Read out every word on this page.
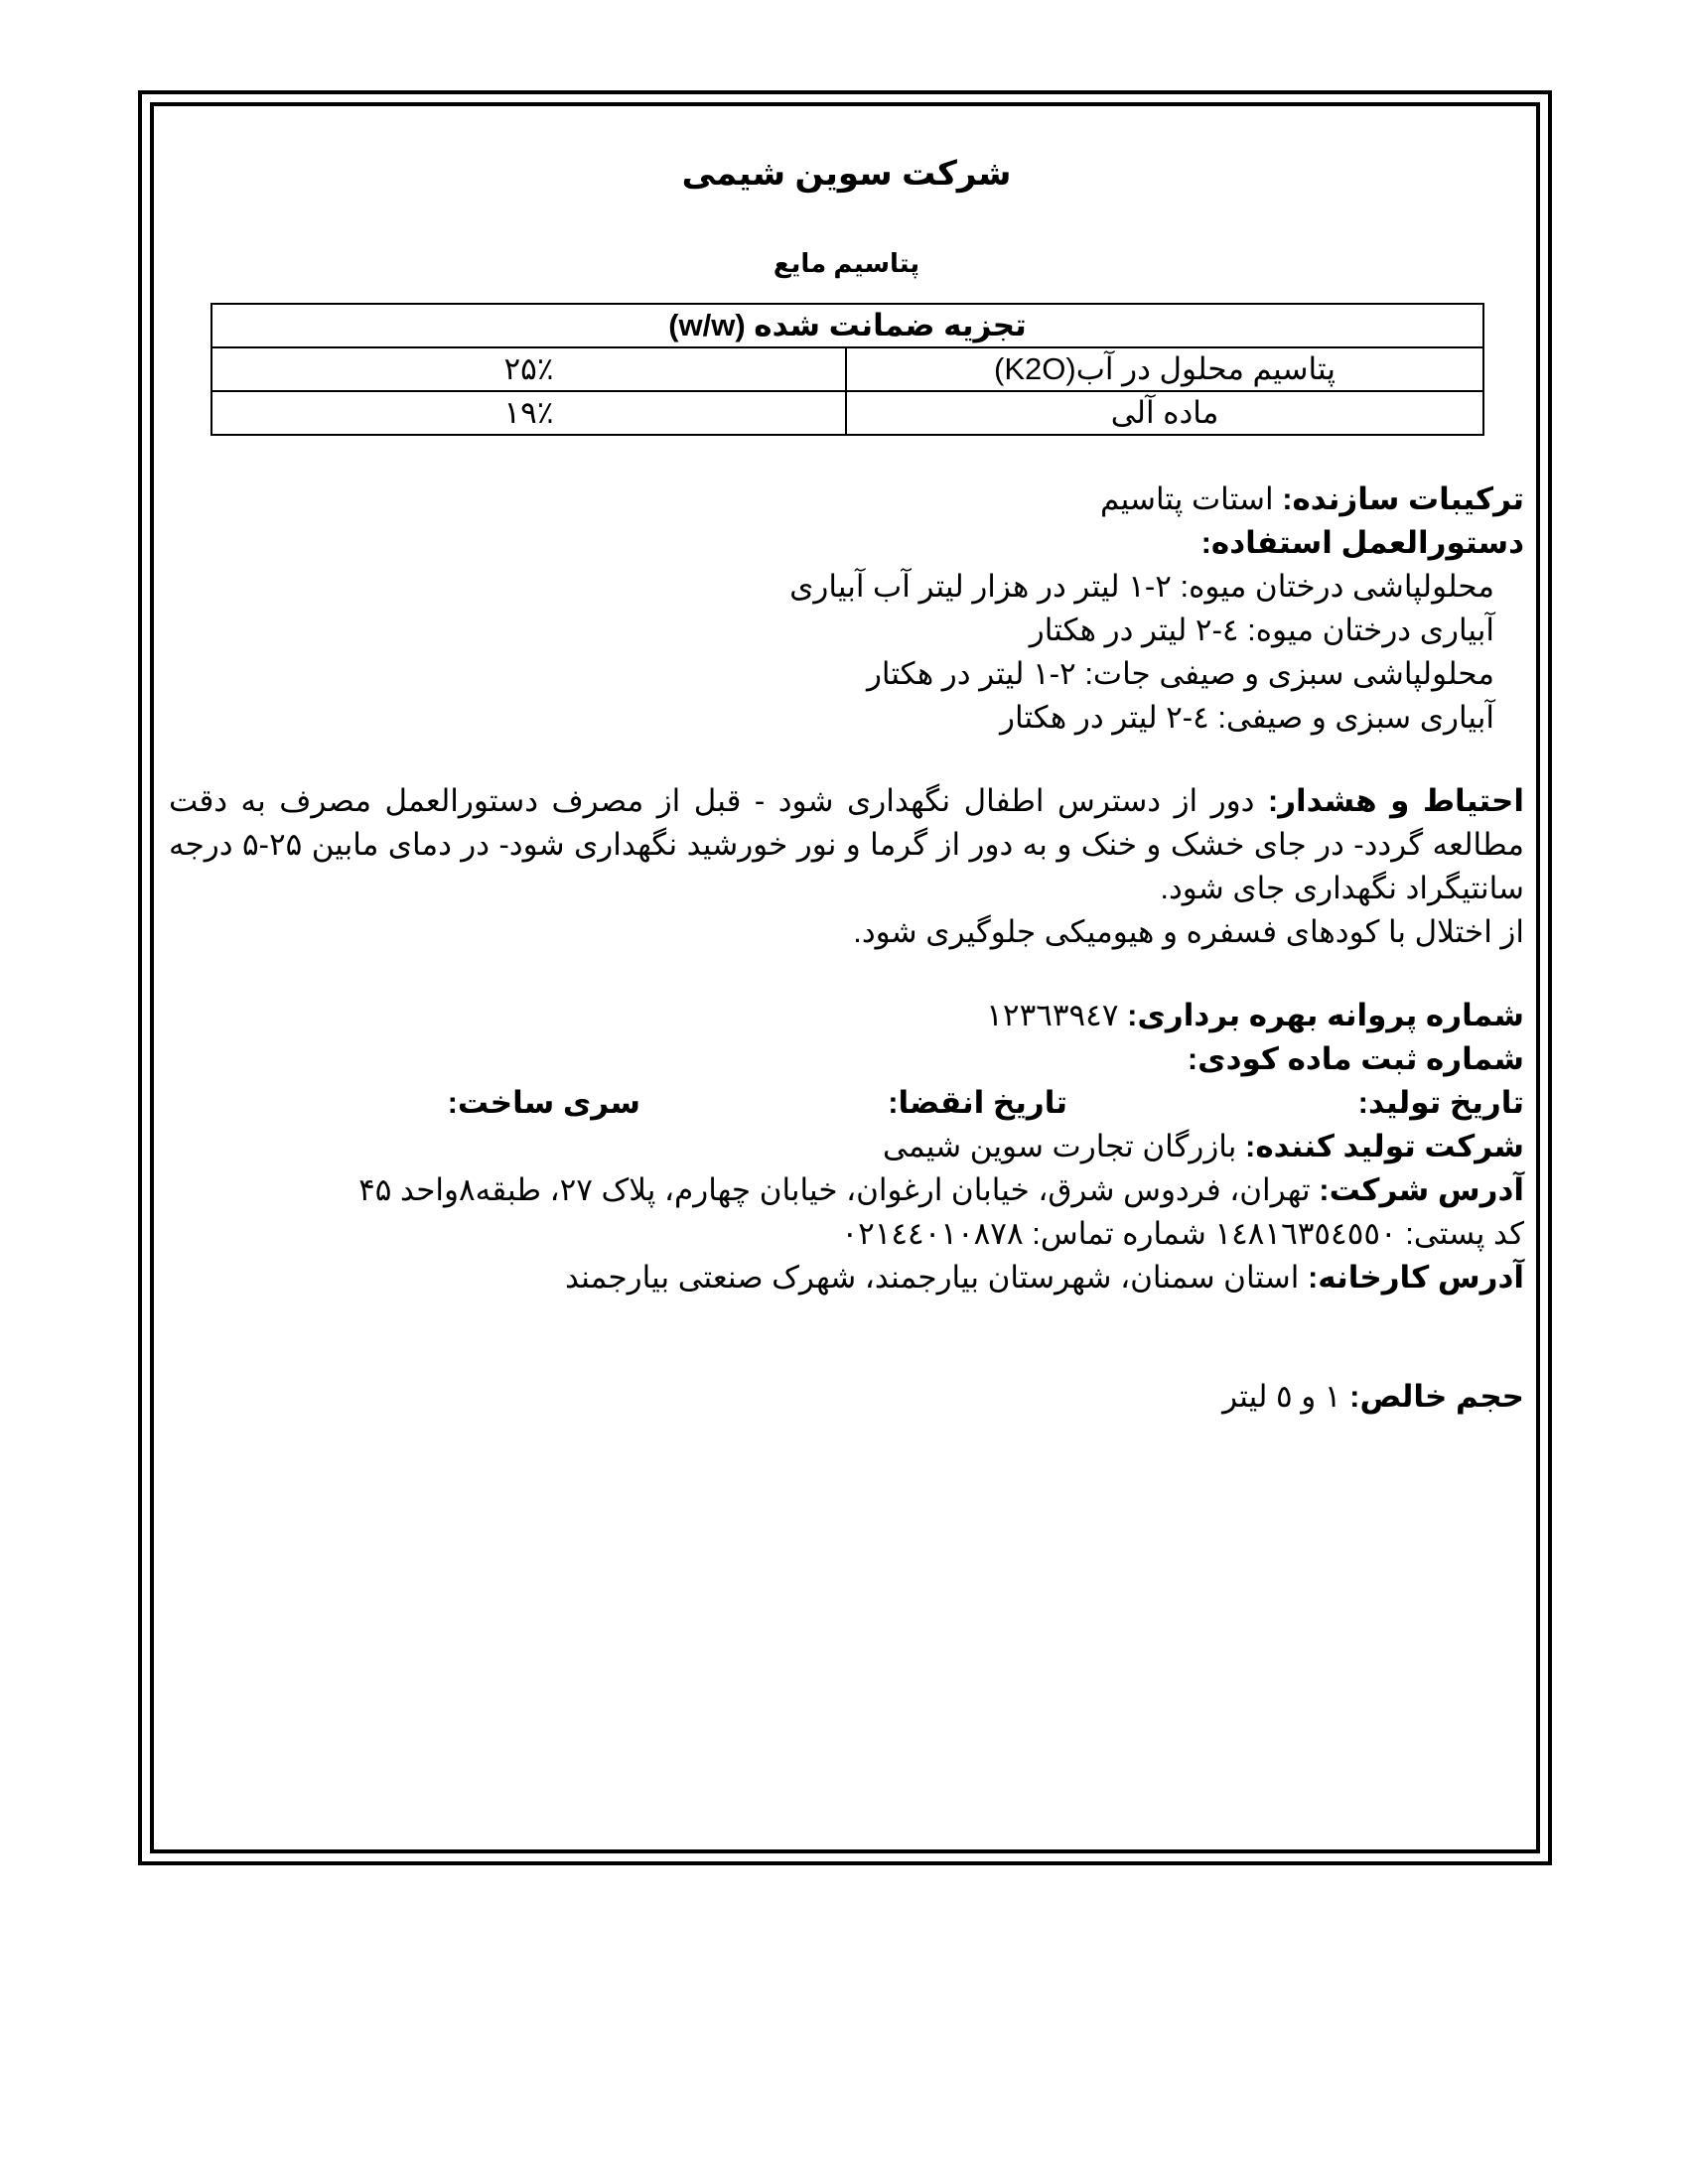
شرکت سوین شیمی
پتاسیم مایع
تجزیه ضمانت شده (w/w)	
پتاسیم محلول در آب(K2O)	۲۵٪
ماده آلی	۱۹٪
ترکیبات سازنده: استات پتاسیم
دستورالعمل استفاده:
محلولپاشی درختان میوه: ۲-۱ لیتر در هزار لیتر آب آبیاری
آبیاری درختان میوه: ٤-۲ لیتر در هکتار
محلولپاشی سبزی و صیفی جات: ۲-۱ لیتر در هکتار
آبیاری سبزی و صیفی: ٤-۲ لیتر در هکتار
احتیاط و هشدار: دور از دسترس اطفال نگهداری شود - قبل از مصرف دستورالعمل مصرف به دقت مطالعه گردد- در جای خشک و خنک و به دور از گرما و نور خورشید نگهداری شود- در دمای مابین ۲۵-۵ درجه سانتیگراد نگهداری جای شود.
از اختلال با کودهای فسفره و هیومیکی جلوگیری شود.
شماره پروانه بهره برداری: ۱۲۳٦۳۹٤۷
شماره ثبت ماده کودی:
تاریخ تولید:
تاریخ انقضا:
سری ساخت:
شرکت تولید کننده: بازرگان تجارت سوین شیمی
آدرس شرکت: تهران، فردوس شرق، خیابان ارغوان، خیابان چهارم، پلاک ۲۷، طبقه۸واحد ۴۵
کد پستی: ۱٤۸۱٦۳٥٤٥٥۰ شماره تماس: ۰۲۱٤٤۰۱۰۸۷۸
آدرس کارخانه: استان سمنان، شهرستان بیارجمند، شهرک صنعتی بیارجمند
حجم خالص: ۱ و ٥ لیتر
